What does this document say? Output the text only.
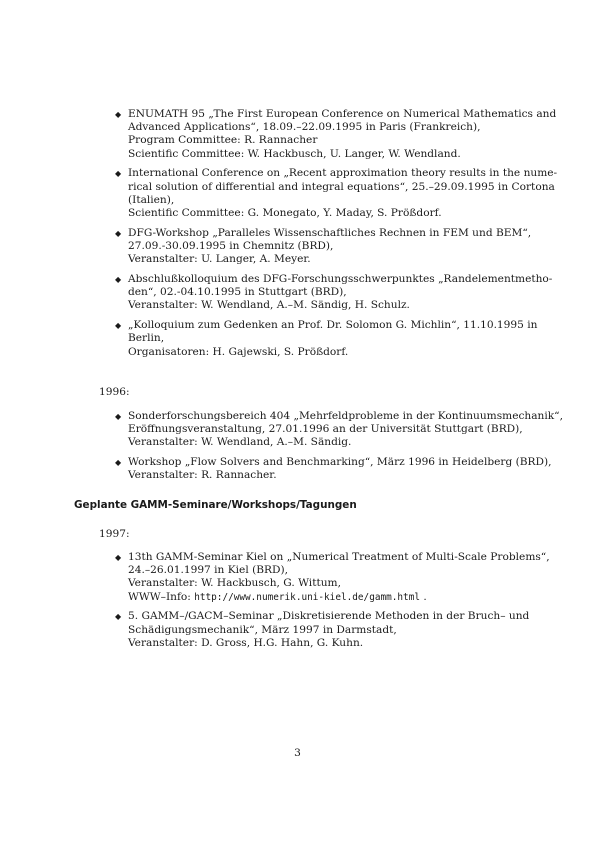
◆ ENUMATH 95 „The First European Conference on Numerical Mathematics and
Advanced Applications“, 18.09.–22.09.1995 in Paris (Frankreich),
Program Committee: R. Rannacher
Scientific Committee: W. Hackbusch, U. Langer, W. Wendland.
◆ International Conference on „Recent approximation theory results in the nume-
rical solution of differential and integral equations“, 25.–29.09.1995 in Cortona
(Italien),
Scientific Committee: G. Monegato, Y. Maday, S. Prößdorf.
◆ DFG-Workshop „Paralleles Wissenschaftliches Rechnen in FEM und BEM“,
27.09.-30.09.1995 in Chemnitz (BRD),
Veranstalter: U. Langer, A. Meyer.
◆ Abschlußkolloquium des DFG-Forschungsschwerpunktes „Randelementmetho-
den“, 02.-04.10.1995 in Stuttgart (BRD),
Veranstalter: W. Wendland, A.–M. Sändig, H. Schulz.
◆ „Kolloquium zum Gedenken an Prof. Dr. Solomon G. Michlin“, 11.10.1995 in
Berlin,
Organisatoren: H. Gajewski, S. Prößdorf.
1996:
◆ Sonderforschungsbereich 404 „Mehrfeldprobleme in der Kontinuumsmechanik“,
Eröffnungsveranstaltung, 27.01.1996 an der Universität Stuttgart (BRD),
Veranstalter: W. Wendland, A.–M. Sändig.
◆ Workshop „Flow Solvers and Benchmarking“, März 1996 in Heidelberg (BRD),
Veranstalter: R. Rannacher.
Geplante GAMM-Seminare/Workshops/Tagungen
1997:
◆ 13th GAMM-Seminar Kiel on „Numerical Treatment of Multi-Scale Problems“,
24.–26.01.1997 in Kiel (BRD),
Veranstalter: W. Hackbusch, G. Wittum,
WWW–Info: http://www.numerik.uni-kiel.de/gamm.html .
◆ 5. GAMM–/GACM–Seminar „Diskretisierende Methoden in der Bruch– und
Schädigungsmechanik“, März 1997 in Darmstadt,
Veranstalter: D. Gross, H.G. Hahn, G. Kuhn.
3
